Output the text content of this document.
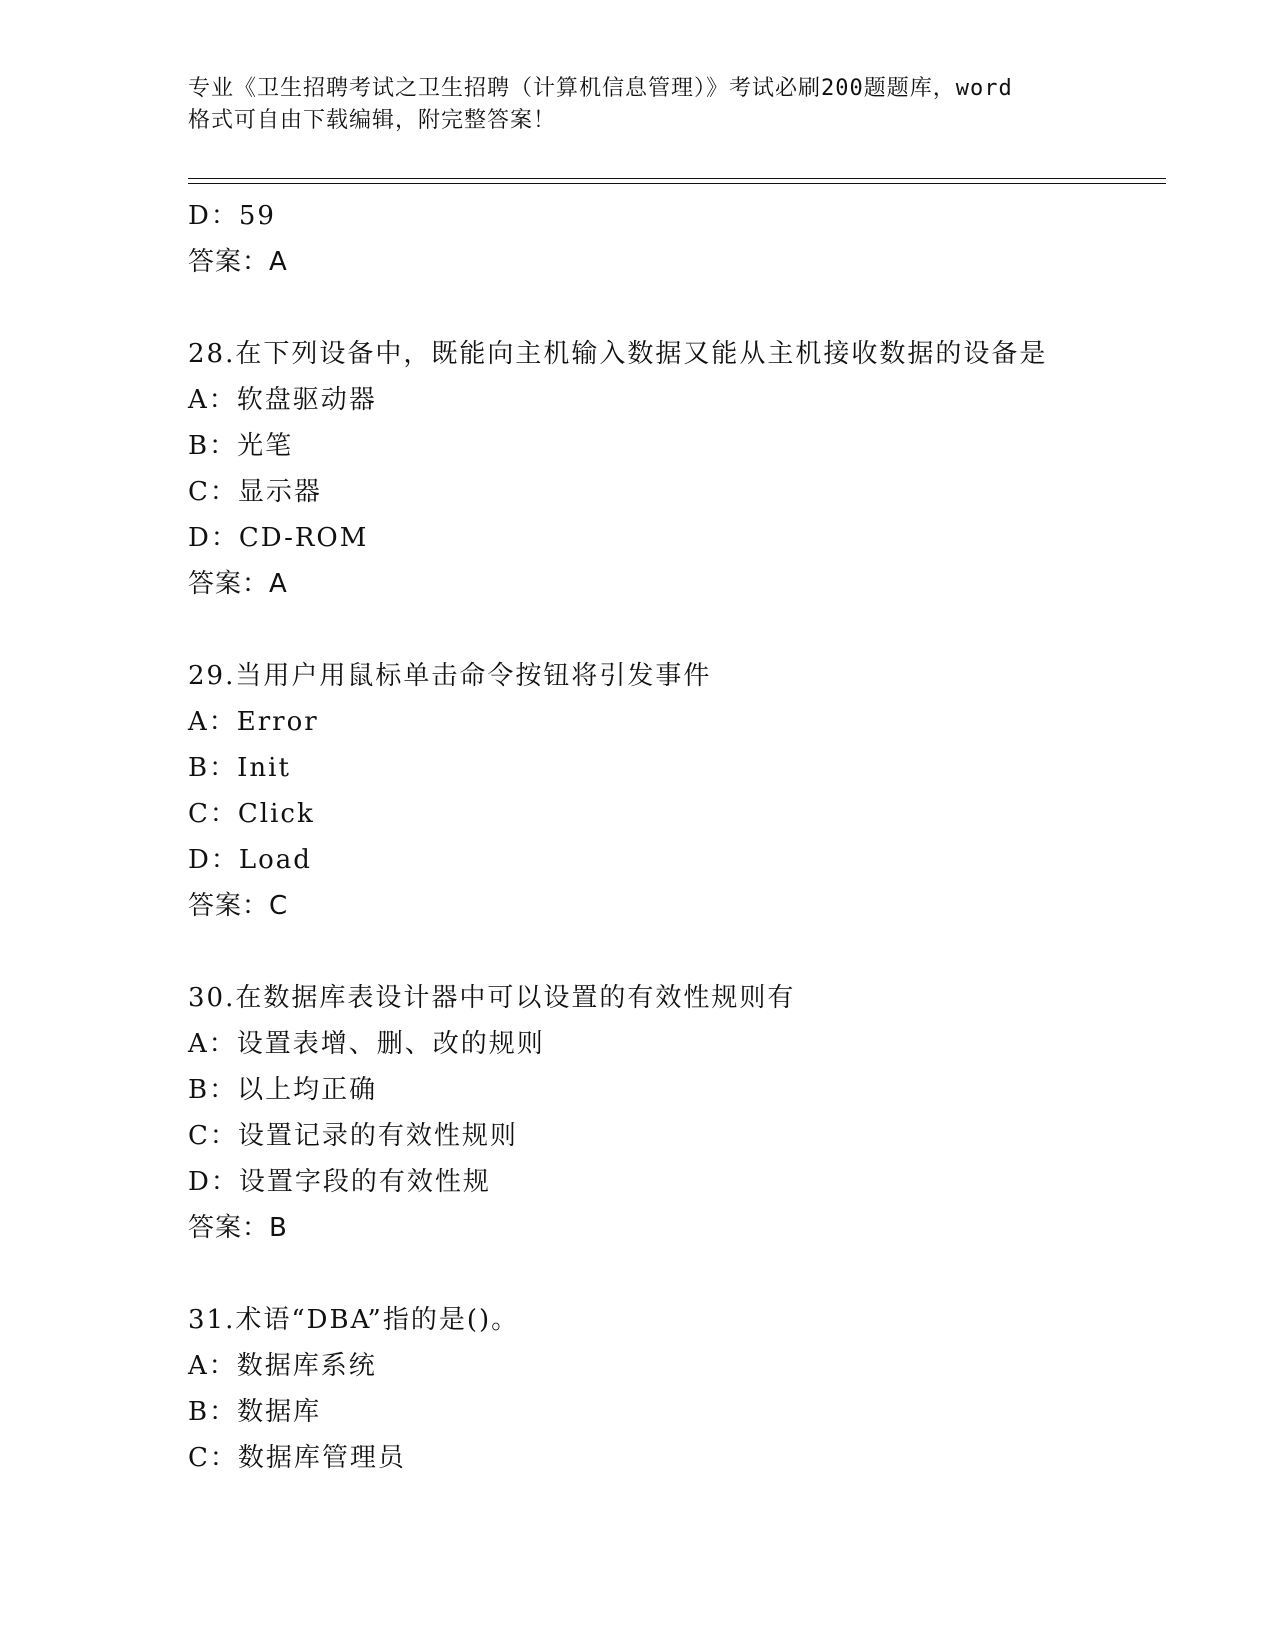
专业《卫生招聘考试之卫生招聘（计算机信息管理）》考试必刷200题题库，word
格式可自由下载编辑，附完整答案！
D：59
答案：A
28.在下列设备中，既能向主机输入数据又能从主机接收数据的设备是
A：软盘驱动器
B：光笔
C：显示器
D：CD-ROM
答案：A
29.当用户用鼠标单击命令按钮将引发事件
A：Error
B：Init
C：Click
D：Load
答案：C
30.在数据库表设计器中可以设置的有效性规则有
A：设置表增、删、改的规则
B：以上均正确
C：设置记录的有效性规则
D：设置字段的有效性规
答案：B
31.术语“DBA”指的是()。
A：数据库系统
B：数据库
C：数据库管理员
